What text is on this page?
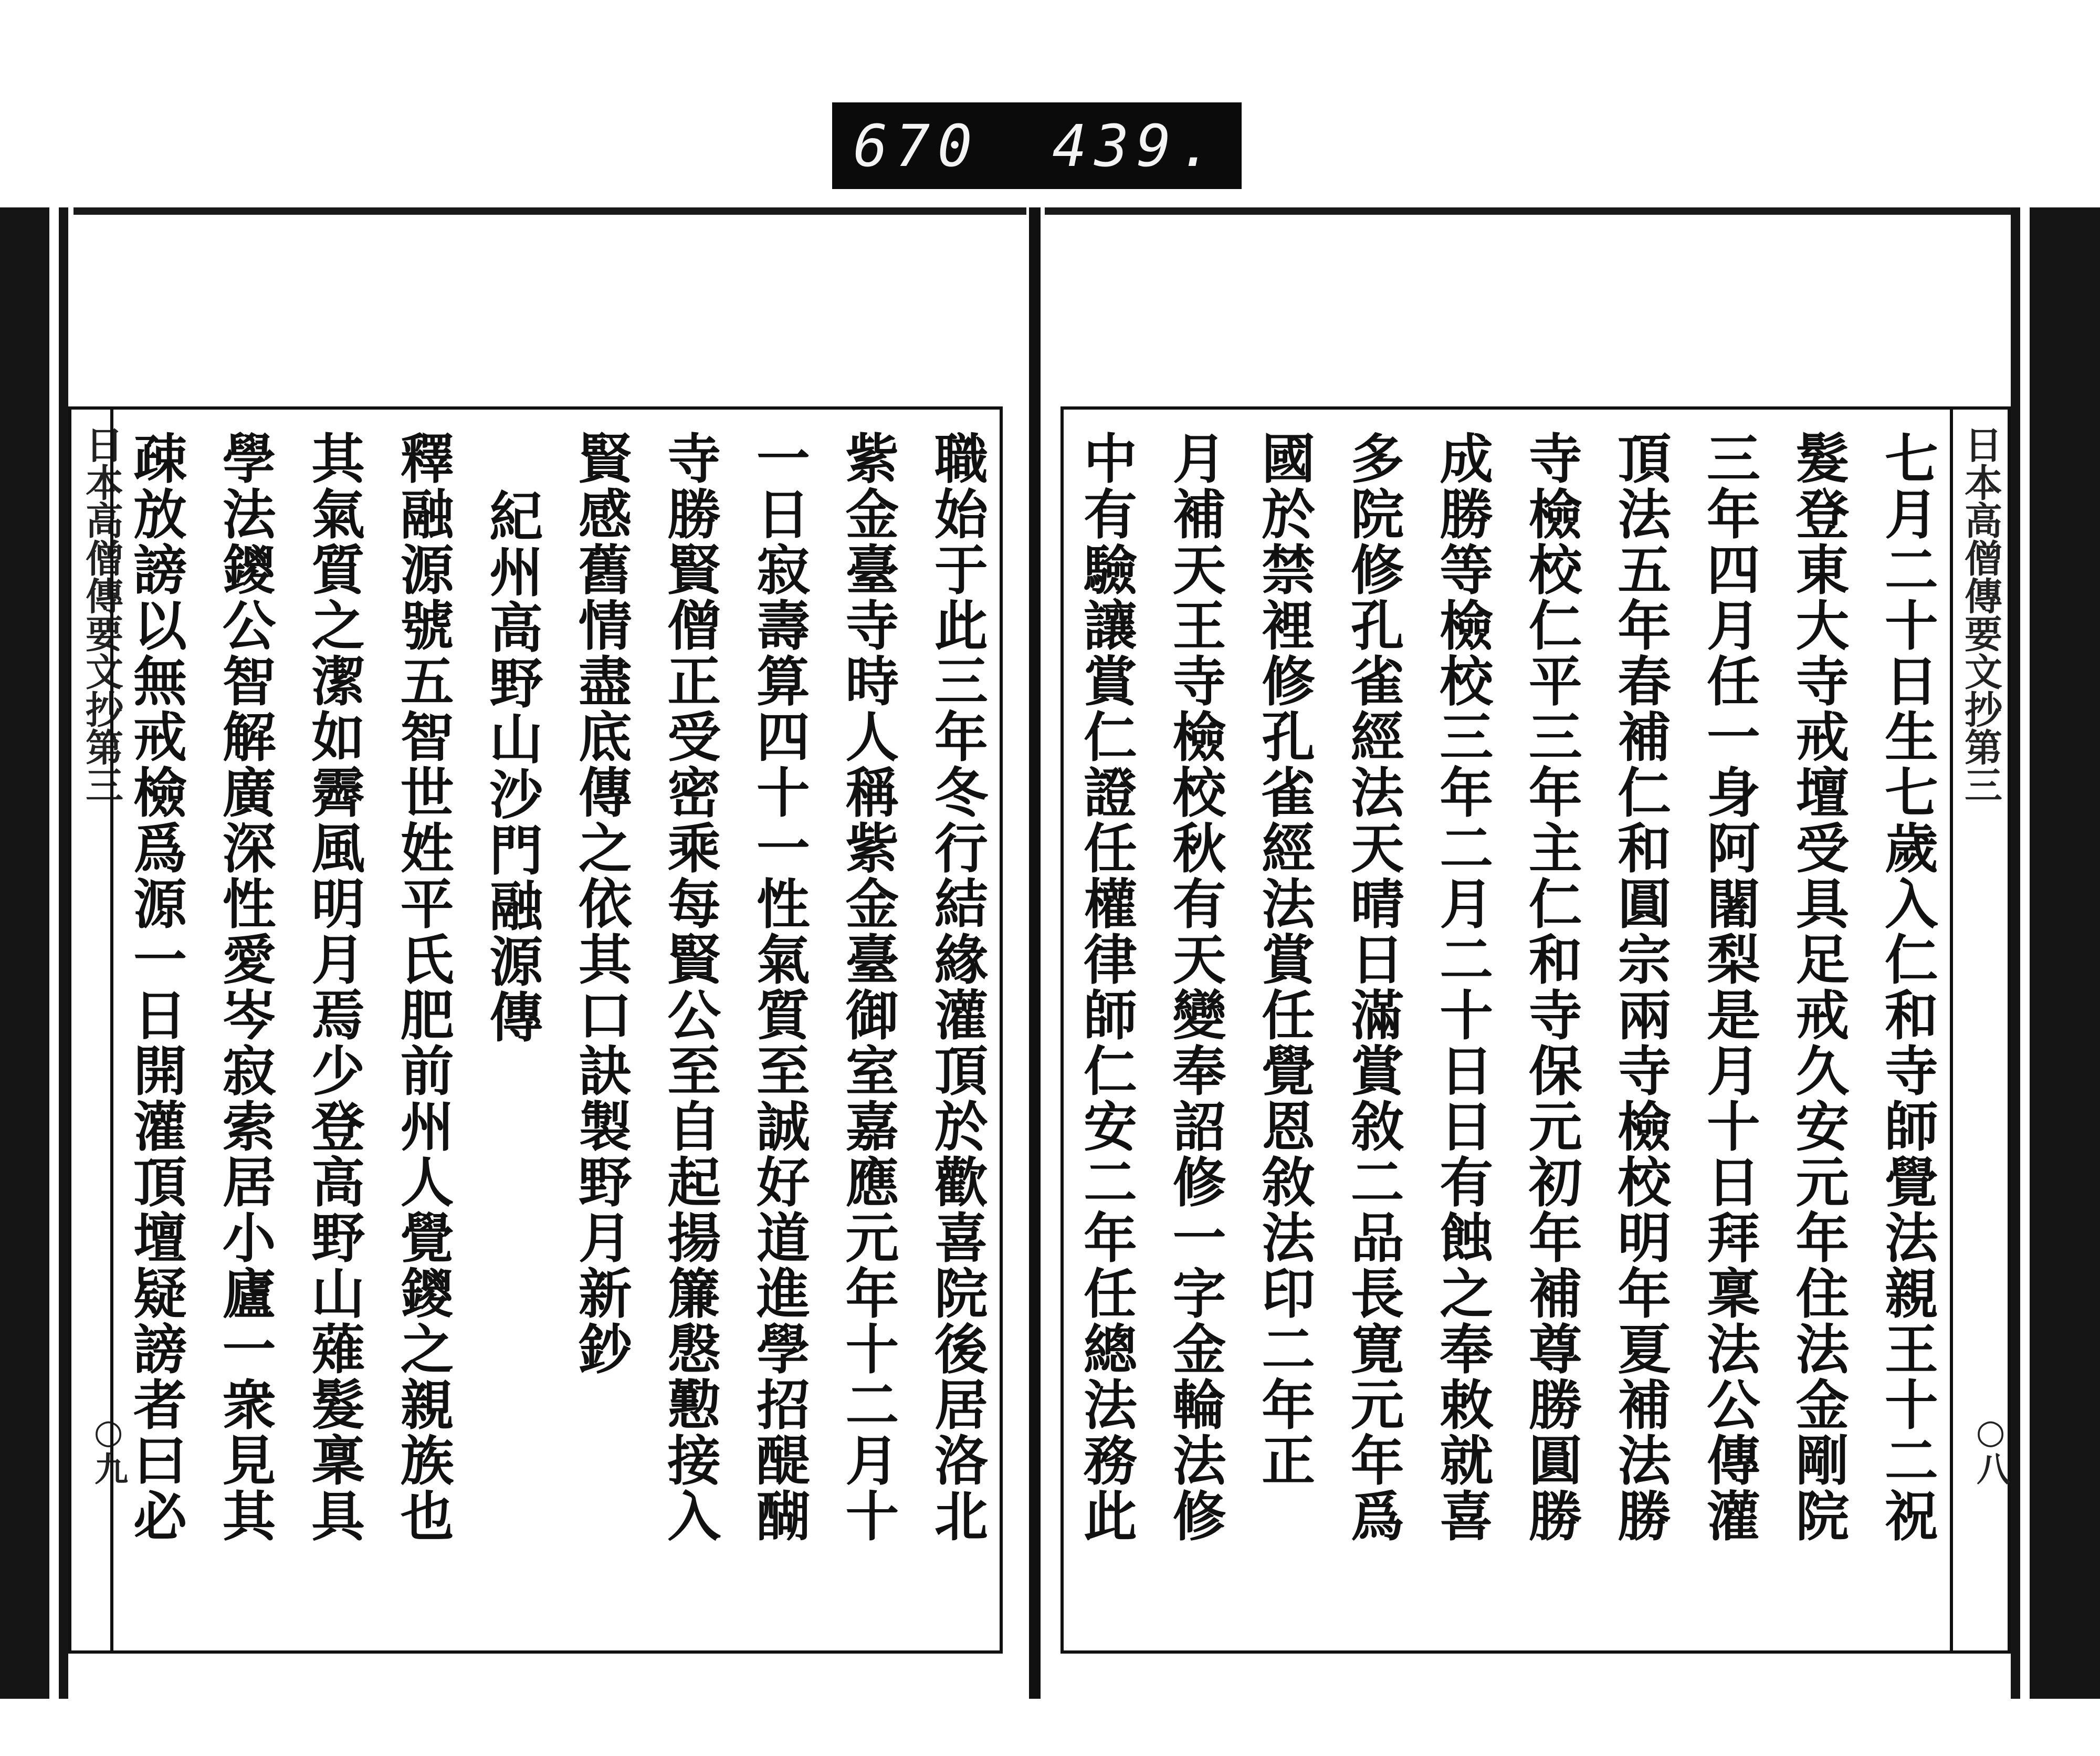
670 439.
日本高僧傳要文抄第三
○九	職始于此三年冬行結緣灌頂於歡喜院後居洛北
紫金臺寺時人稱紫金臺御室嘉應元年十二月十
一日寂壽算四十一性氣質至誠好道進學招醍醐
寺勝賢僧正受密乘每賢公至自起揚簾慇懃接入
賢感舊情盡底傳之依其口訣製野月新鈔
紀州高野山沙門融源傳
釋融源號五智世姓平氏肥前州人覺鑁之親族也
其氣質之潔如霽風明月焉少登高野山薙髮稟具
學法鑁公智解廣深性愛岑寂索居小廬一衆見其
疎放謗以無戒檢爲源一日開灌頂壇疑謗者曰必	日本高僧傳要文抄第三
○八
七月二十日生七歲入仁和寺師覺法親王十二祝
髮登東大寺戒壇受具足戒久安元年住法金剛院
三年四月任一身阿闍梨是月十日拜稟法公傳灌
頂法五年春補仁和圓宗兩寺檢校明年夏補法勝
寺檢校仁平三年主仁和寺保元初年補尊勝圓勝
成勝等檢校三年二月二十日日有蝕之奉敕就喜
多院修孔雀經法天晴日滿賞敘二品長寛元年爲
國於禁裡修孔雀經法賞任覺恩敘法印二年正
月補天王寺檢校秋有天變奉詔修一字金輪法修
中有驗讓賞仁證任權律師仁安二年任總法務此
